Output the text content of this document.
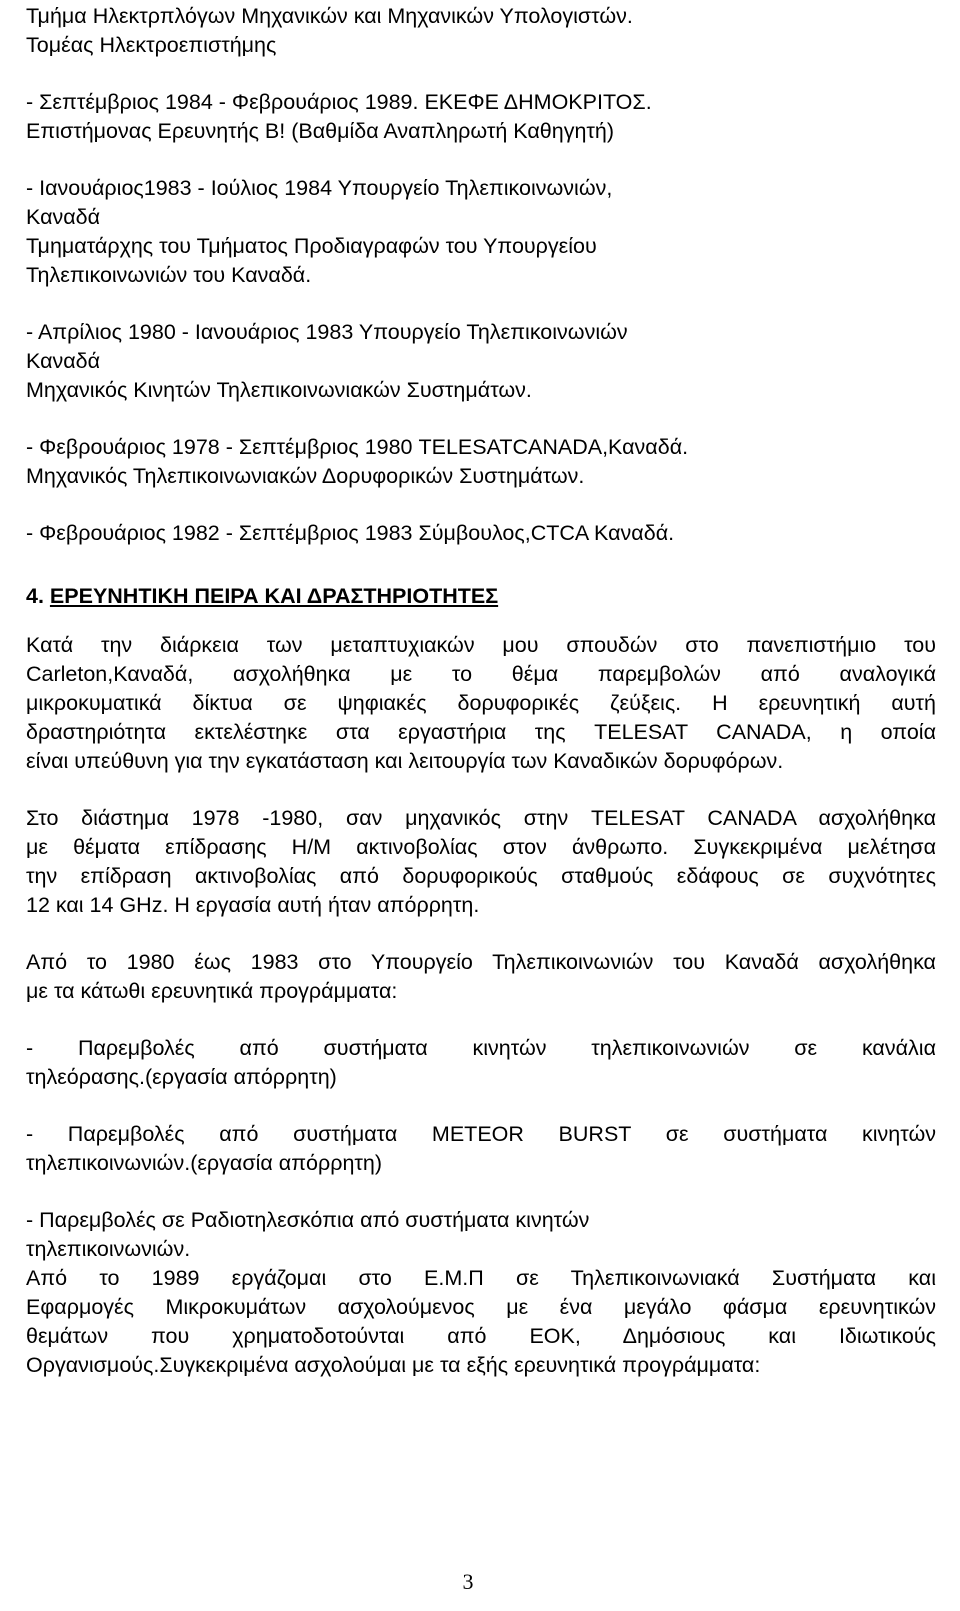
Τμήμα Ηλεκτρπλόγων Μηχανικών και Μηχανικών Υπολογιστών.

Τομέας Ηλεκτροεπιστήμης

- Σεπτέμβριος 1984 - Φεβρουάριος 1989. ΕΚΕΦΕ ΔΗΜΟΚΡΙΤΟΣ.

Επιστήμονας Ερευνητής Β! (Βαθμίδα Αναπληρωτή Καθηγητή)

- Ιανουάριος1983 - Ιούλιος 1984 Υπουργείο Τηλεπικοινωνιών,

Καναδά

Τμηματάρχης του Τμήματος Προδιαγραφών του Υπουργείου

Τηλεπικοινωνιών του Καναδά.

- Απρίλιος 1980 - Ιανουάριος 1983 Υπουργείο Τηλεπικοινωνιών

Καναδά

Μηχανικός Κινητών Τηλεπικοινωνιακών Συστημάτων.

- Φεβρουάριος 1978 - Σεπτέμβριος 1980 TELESATCANADA,Καναδά.

Μηχανικός Τηλεπικοινωνιακών Δορυφορικών Συστημάτων.

- Φεβρουάριος 1982 - Σεπτέμβριος 1983 Σύμβουλος,CTCA Καναδά.

4. ΕΡΕΥΝΗΤΙΚΗ ΠΕΙΡΑ ΚΑΙ ΔΡΑΣΤΗΡΙΟΤΗΤΕΣ

Κατά την διάρκεια των μεταπτυχιακών μου σπουδών στο πανεπιστήμιο του
Carleton,Καναδά, ασχολήθηκα με το θέμα παρεμβολών από αναλογικά
μικροκυματικά δίκτυα σε ψηφιακές δορυφορικές ζεύξεις. Η ερευνητική αυτή
δραστηριότητα εκτελέστηκε στα εργαστήρια της TELESAT CANADA, η οποία
είναι υπεύθυνη για την εγκατάσταση και λειτουργία των Καναδικών δορυφόρων.
Στο διάστημα 1978 -1980, σαν μηχανικός στην TELESAT CANADA ασχολήθηκα
με θέματα επίδρασης Η/Μ ακτινοβολίας στον άνθρωπο. Συγκεκριμένα μελέτησα
την επίδραση ακτινοβολίας από δορυφορικούς σταθμούς εδάφους σε συχνότητες
12 και 14 GHz. Η εργασία αυτή ήταν απόρρητη.
Από το 1980 έως 1983 στο Υπουργείο Τηλεπικοινωνιών του Καναδά ασχολήθηκα
με τα κάτωθι ερευνητικά προγράμματα:
- Παρεμβολές από συστήματα κινητών τηλεπικοινωνιών σε κανάλια
τηλεόρασης.(εργασία απόρρητη)
- Παρεμβολές από συστήματα METEOR BURST σε συστήματα κινητών
τηλεπικοινωνιών.(εργασία απόρρητη)
- Παρεμβολές σε Ραδιοτηλεσκόπια από συστήματα κινητών
τηλεπικοινωνιών.
Από το 1989 εργάζομαι στο Ε.Μ.Π σε Τηλεπικοινωνιακά Συστήματα και
Εφαρμογές Μικροκυμάτων ασχολούμενος με ένα μεγάλο φάσμα ερευνητικών
θεμάτων που χρηματοδοτούνται από ΕΟΚ, Δημόσιους και Ιδιωτικούς
Οργανισμούς.Συγκεκριμένα ασχολούμαι με τα εξής ερευνητικά προγράμματα:
3
